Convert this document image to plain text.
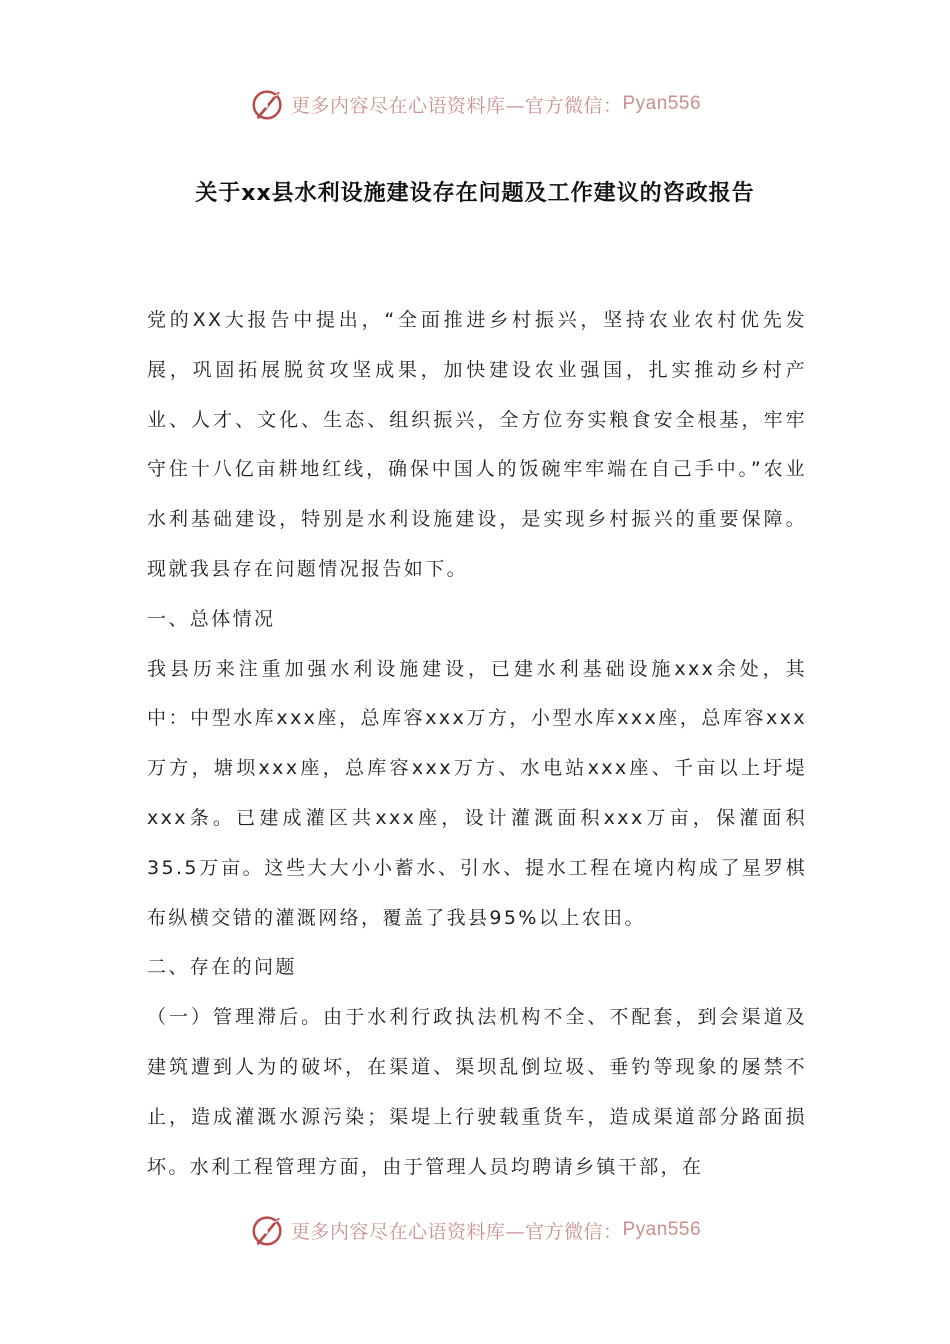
更多内容尽在心语资料库—官方微信： Pyan556
关于xx县水利设施建设存在问题及工作建议的咨政报告

党的XX大报告中提出，“全面推进乡村振兴，坚持农业农村优先发展，巩固拓展脱贫攻坚成果，加快建设农业强国，扎实推动乡村产业、人才、文化、生态、组织振兴，全方位夯实粮食安全根基，牢牢守住十八亿亩耕地红线，确保中国人的饭碗牢牢端在自己手中。”农业水利基础建设，特别是水利设施建设，是实现乡村振兴的重要保障。现就我县存在问题情况报告如下。

一、总体情况

我县历来注重加强水利设施建设，已建水利基础设施xxx余处，其中：中型水库xxx座，总库容xxx万方，小型水库xxx座，总库容xxx万方，塘坝xxx座，总库容xxx万方、水电站xxx座、千亩以上圩堤xxx条。已建成灌区共xxx座，设计灌溉面积xxx万亩，保灌面积35.5万亩。这些大大小小蓄水、引水、提水工程在境内构成了星罗棋布纵横交错的灌溉网络，覆盖了我县95%以上农田。

二、存在的问题

（一）管理滞后。由于水利行政执法机构不全、不配套，到会渠道及建筑遭到人为的破坏，在渠道、渠坝乱倒垃圾、垂钓等现象的屡禁不止，造成灌溉水源污染；渠堤上行驶载重货车，造成渠道部分路面损坏。水利工程管理方面，由于管理人员均聘请乡镇干部，在

更多内容尽在心语资料库—官方微信： Pyan556
